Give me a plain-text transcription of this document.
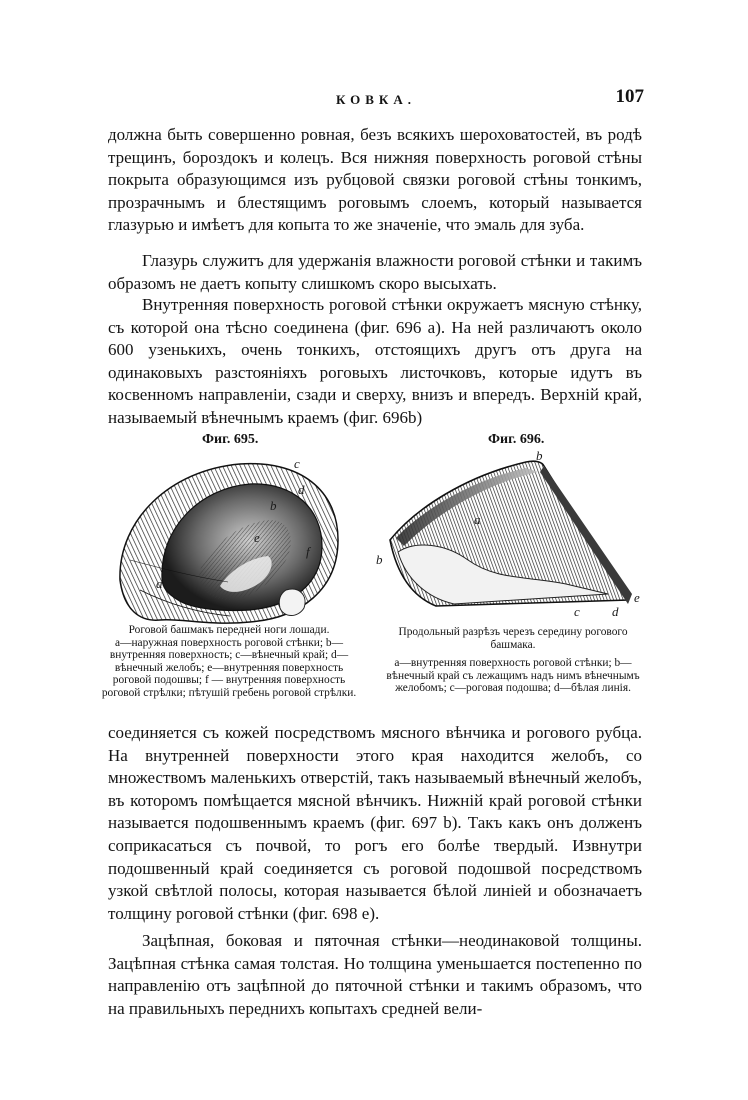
КОВКА.	107

должна быть совершенно ровная, безъ всякихъ шероховатостей, въ родѣ трещинъ, бороздокъ и колецъ. Вся нижняя поверхность роговой стѣны покрыта образующимся изъ рубцовой связки роговой стѣны тонкимъ, прозрачнымъ и блестящимъ роговымъ слоемъ, который называется глазурью и имѣетъ для копыта то же значеніе, что эмаль для зуба.

Глазурь служитъ для удержанія влажности роговой стѣнки и такимъ образомъ не даетъ копыту слишкомъ скоро высыхать.

Внутренняя поверхность роговой стѣнки окружаетъ мясную стѣнку, съ которой она тѣсно соединена (фиг. 696 а). На ней различаютъ около 600 узенькихъ, очень тонкихъ, отстоящихъ другъ отъ друга на одинаковыхъ разстояніяхъ роговыхъ листочковъ, которые идутъ въ косвенномъ направленіи, сзади и сверху, внизъ и впередъ. Верхній край, называемый вѣнечнымъ краемъ (фиг. 696b)

Фиг. 695.
a
b
c
d
e
f

Роговой башмакъ передней ноги лошади.

a—наружная поверхность роговой стѣнки; b—внутренняя поверхность; c—вѣнечный край; d—вѣнечный желобъ; e—внутренняя поверхность роговой подошвы; f — внутренняя поверхность роговой стрѣлки; пѣтушій гребень роговой стрѣлки.

Фиг. 696.
a
b
b
c d
e

Продольный разрѣзъ черезъ середину рогового башмака.

a—внутренняя поверхность роговой стѣнки; b—вѣнечный край съ лежащимъ надъ нимъ вѣнечнымъ желобомъ; c—роговая подошва; d—бѣлая линія.

соединяется съ кожей посредствомъ мясного вѣнчика и рогового рубца. На внутренней поверхности этого края находится желобъ, со множествомъ маленькихъ отверстій, такъ называемый вѣнечный желобъ, въ которомъ помѣщается мясной вѣнчикъ. Нижній край роговой стѣнки называется подошвеннымъ краемъ (фиг. 697 b). Такъ какъ онъ долженъ соприкасаться съ почвой, то рогъ его болѣе твердый. Извнутри подошвенный край соединяется съ роговой подошвой посредствомъ узкой свѣтлой полосы, которая называется бѣлой линіей и обозначаетъ толщину роговой стѣнки (фиг. 698 е).

Зацѣпная, боковая и пяточная стѣнки—неодинаковой толщины. Зацѣпная стѣнка самая толстая. Но толщина уменьшается постепенно по направленію отъ зацѣпной до пяточной стѣнки и такимъ образомъ, что на правильныхъ переднихъ копытахъ средней вели-
